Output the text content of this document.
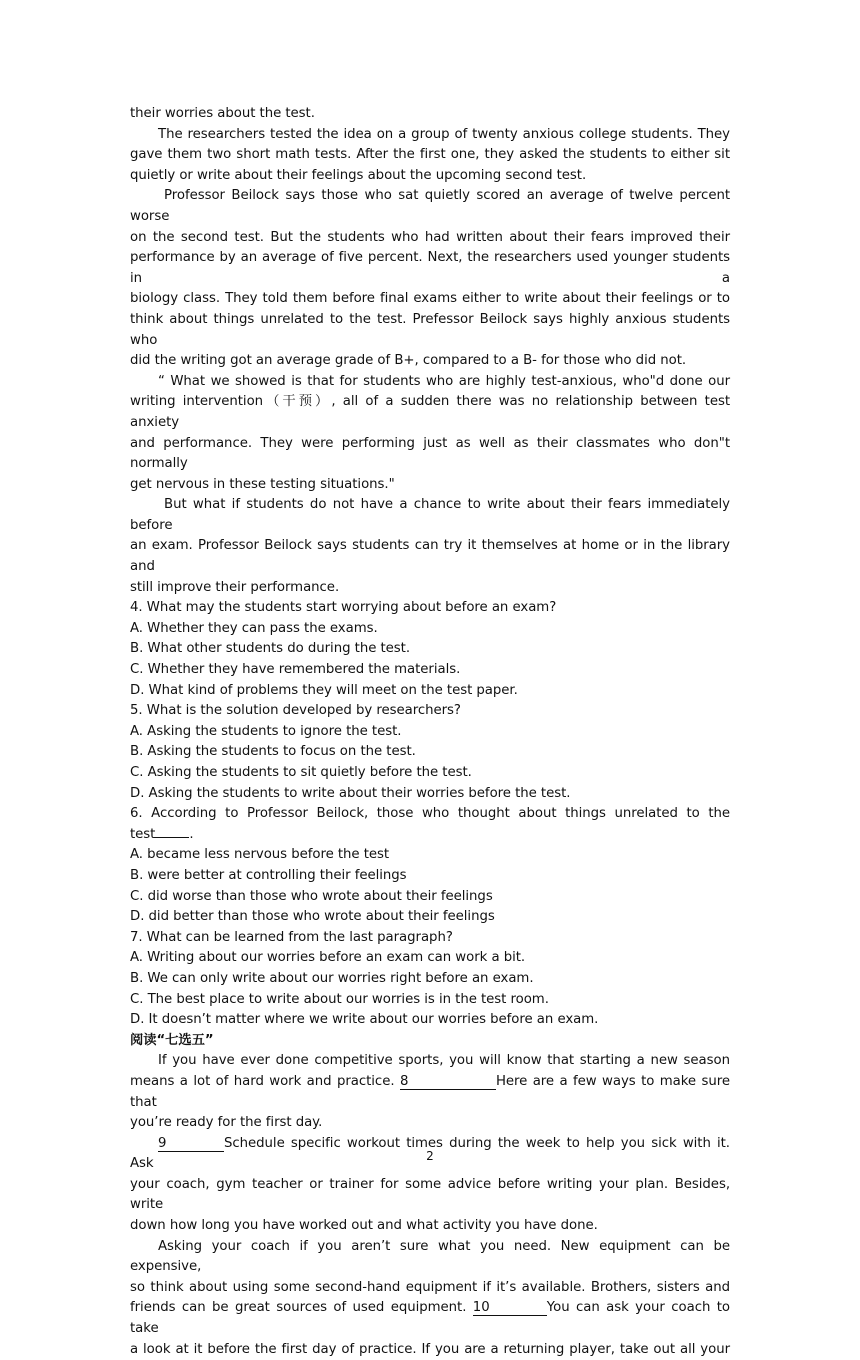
their worries about the test.
The researchers tested the idea on a group of twenty anxious college students. They
gave them two short math tests. After the first one, they asked the students to either sit
quietly or write about their feelings about the upcoming second test.
Professor Beilock says those who sat quietly scored an average of twelve percent worse
on the second test. But the students who had written about their fears improved their
performance by an average of five percent. Next, the researchers used younger students in a
biology class. They told them before final exams either to write about their feelings or to
think about things unrelated to the test. Prefessor Beilock says highly anxious students who
did the writing got an average grade of B+, compared to a B- for those who did not.
“ What we showed is that for students who are highly test-anxious, who"d done our
writing intervention（干预）, all of a sudden there was no relationship between test anxiety
and performance. They were performing just as well as their classmates who don"t normally
get nervous in these testing situations."
But what if students do not have a chance to write about their fears immediately before
an exam. Professor Beilock says students can try it themselves at home or in the library and
still improve their performance.
4. What may the students start worrying about before an exam?
A. Whether they can pass the exams.
B. What other students do during the test.
C. Whether they have remembered the materials.
D. What kind of problems they will meet on the test paper.
5. What is the solution developed by researchers?
A. Asking the students to ignore the test.
B. Asking the students to focus on the test.
C. Asking the students to sit quietly before the test.
D. Asking the students to write about their worries before the test.
6. According to Professor Beilock, those who thought about things unrelated to the
test	.
A. became less nervous before the test
B. were better at controlling their feelings
C. did worse than those who wrote about their feelings
D. did better than those who wrote about their feelings
7. What can be learned from the last paragraph?
A. Writing about our worries before an exam can work a bit.
B. We can only write about our worries right before an exam.
C. The best place to write about our worries is in the test room.
D. It doesn’t matter where we write about our worries before an exam.
阅读“七选五”
If you have ever done competitive sports, you will know that starting a new season
means a lot of hard work and practice. 8	Here are a few ways to make sure that
you’re ready for the first day.
9	Schedule specific workout times during the week to help you sick with it. Ask
your coach, gym teacher or trainer for some advice before writing your plan. Besides, write
down how long you have worked out and what activity you have done.
Asking your coach if you aren’t sure what you need. New equipment can be expensive,
so think about using some second-hand equipment if it’s available. Brothers, sisters and
friends can be great sources of used equipment. 10	You can ask your coach to take
a look at it before the first day of practice. If you are a returning player, take out all your
2
